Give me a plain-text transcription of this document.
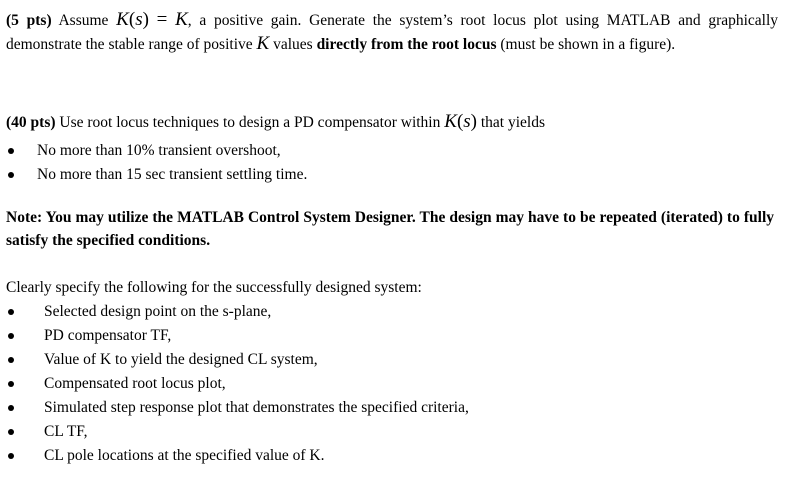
(5 pts) Assume K(s) = K, a positive gain. Generate the system’s root locus plot using MATLAB and graphically demonstrate the stable range of positive K values directly from the root locus (must be shown in a figure).

(40 pts) Use root locus techniques to design a PD compensator within K(s) that yields

No more than 10% transient overshoot,
No more than 15 sec transient settling time.

Note: You may utilize the MATLAB Control System Designer. The design may have to be repeated (iterated) to fully satisfy the specified conditions.

Clearly specify the following for the successfully designed system:

Selected design point on the s-plane,
PD compensator TF,
Value of K to yield the designed CL system,
Compensated root locus plot,
Simulated step response plot that demonstrates the specified criteria,
CL TF,
CL pole locations at the specified value of K.
